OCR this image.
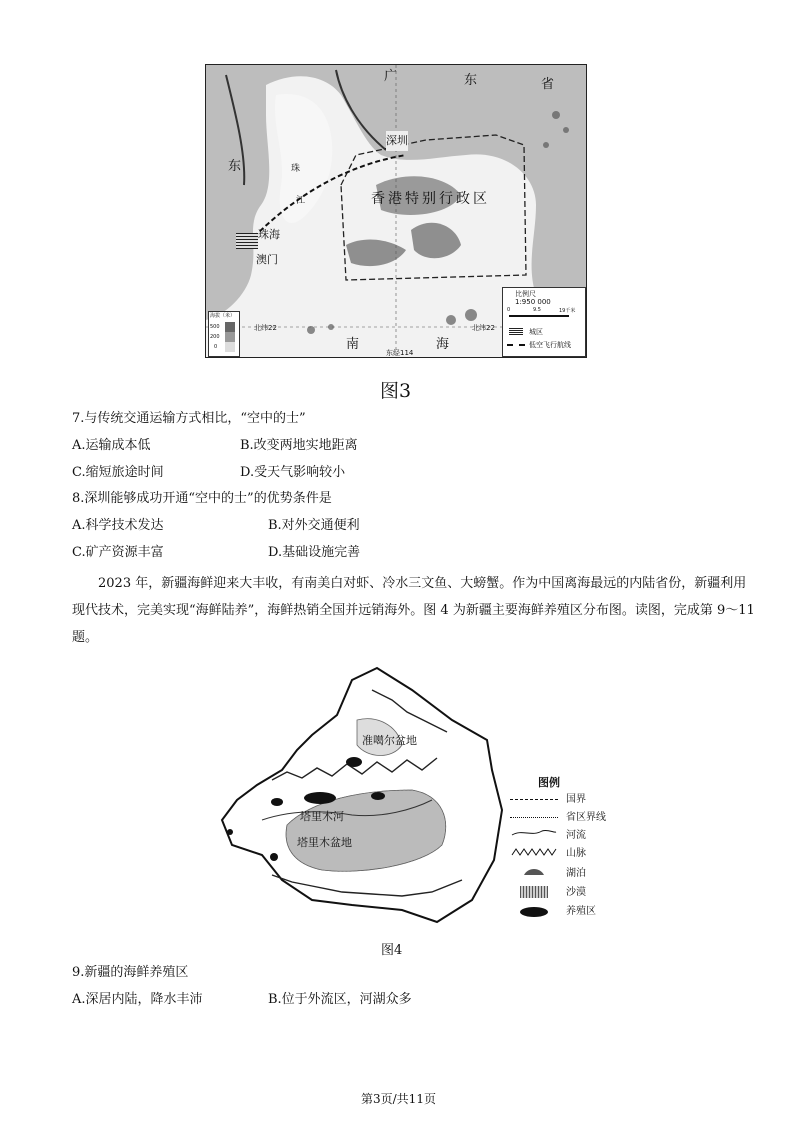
广	东	省
东	珠
江
深圳
香港特别行政区
珠海
澳门
南	海
北纬22	北纬22
东经114
海拔（米）
500
200
0
比例尺
1:950 000
0	9.5	19千米
城区
低空飞行航线
图3
7.与传统交通运输方式相比，“空中的士”
A.运输成本低	B.改变两地实地距离
C.缩短旅途时间	D.受天气影响较小
8.深圳能够成功开通“空中的士”的优势条件是
A.科学技术发达	B.对外交通便利
C.矿产资源丰富	D.基础设施完善
2023 年，新疆海鲜迎来大丰收，有南美白对虾、冷水三文鱼、大螃蟹。作为中国离海最远的内陆省份，新疆利用现代技术，完美实现“海鲜陆养”，海鲜热销全国并远销海外。图 4 为新疆主要海鲜养殖区分布图。读图，完成第 9～11 题。
准噶尔盆地
塔里木河
塔里木盆地
图例
国界
省区界线
河流
山脉
湖泊
沙漠
养殖区
图4
9.新疆的海鲜养殖区
A.深居内陆，降水丰沛	B.位于外流区，河湖众多
第3页/共11页
